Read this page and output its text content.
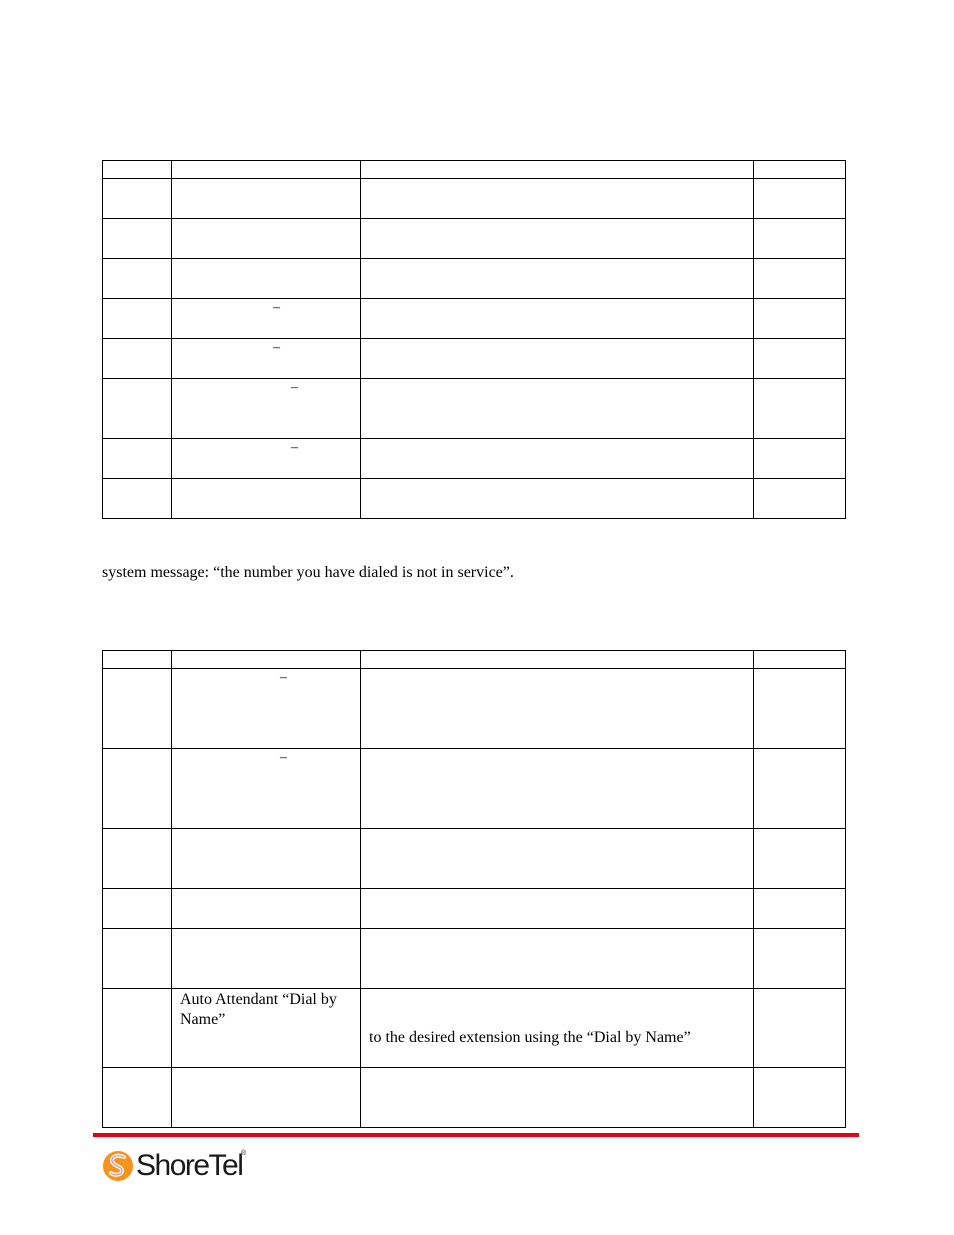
	–		

	–		

	–		

	–		

system message: “the number you have dialed is not in service”.

	–		

	–		

	Auto Attendant “Dial by Name”	to the desired extension using the “Dial by Name”	

ShoreTel
®
